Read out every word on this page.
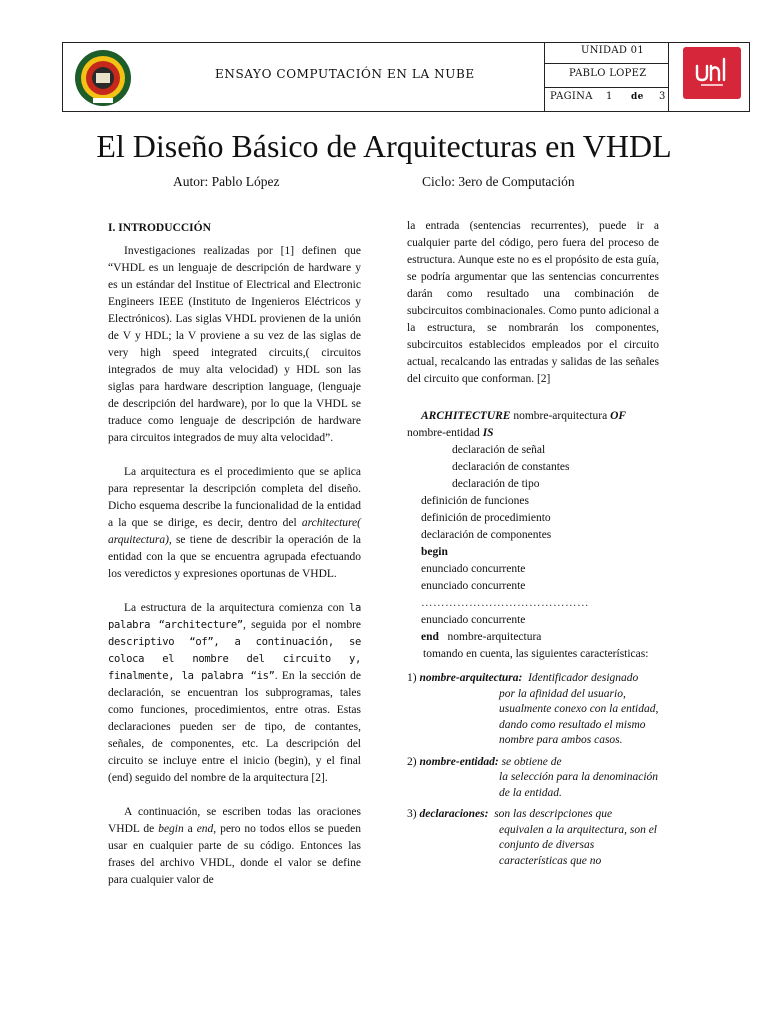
ENSAYO COMPUTACIÓN EN LA NUBE
UNIDAD 01
PABLO LOPEZ
PAGINA 1 de 3
El Diseño Básico de Arquitecturas en VHDL
Autor: Pablo López	Ciclo: 3ero de Computación

I. INTRODUCCIÓN

Investigaciones realizadas por [1] definen que “VHDL es un lenguaje de descripción de hardware y es un estándar del Institue of Electrical and Electronic Engineers IEEE (Instituto de Ingenieros Eléctricos y Electrónicos). Las siglas VHDL provienen de la unión de V y HDL; la V proviene a su vez de las siglas de very high speed integrated circuits,( circuitos integrados de muy alta velocidad) y HDL son las siglas para hardware description language, (lenguaje de descripción del hardware), por lo que la VHDL se traduce como lenguaje de descripción de hardware para circuitos integrados de muy alta velocidad”.

La arquitectura es el procedimiento que se aplica para representar la descripción completa del diseño. Dicho esquema describe la funcionalidad de la entidad a la que se dirige, es decir, dentro del architecture( arquitectura), se tiene de describir la operación de la entidad con la que se encuentra agrupada efectuando los veredictos y expresiones oportunas de VHDL.

La estructura de la arquitectura comienza con la palabra “architecture”, seguida por el nombre descriptivo “of”, a continuación, se coloca el nombre del circuito y, finalmente, la palabra “is”. En la sección de declaración, se encuentran los subprogramas, tales como funciones, procedimientos, entre otras. Estas declaraciones pueden ser de tipo, de contantes, señales, de componentes, etc. La descripción del circuito se incluye entre el inicio (begin), y el final (end) seguido del nombre de la arquitectura [2].

A continuación, se escriben todas las oraciones VHDL de begin a end, pero no todos ellos se pueden usar en cualquier parte de su código. Entonces las frases del archivo VHDL, donde el valor se define para cualquier valor de

la entrada (sentencias recurrentes), puede ir a cualquier parte del código, pero fuera del proceso de estructura. Aunque este no es el propósito de esta guía, se podría argumentar que las sentencias concurrentes darán como resultado una combinación de subcircuitos combinacionales. Como punto adicional a la estructura, se nombrarán los componentes, subcircuitos establecidos empleados por el circuito actual, recalcando las entradas y salidas de las señales del circuito que conforman. [2]

ARCHITECTURE nombre-arquitectura OF
nombre-entidad IS
declaración de señal
declaración de constantes
declaración de tipo
definición de funciones
definición de procedimiento
declaración de componentes
begin
enunciado concurrente
enunciado concurrente
……………………………………
enunciado concurrente
end nombre-arquitectura

tomando en cuenta, las siguientes características:

1) nombre-arquitectura: Identificador designado
por la afinidad del usuario, usualmente conexo con la entidad, dando como resultado el mismo nombre para ambos casos.
2) nombre-entidad: se obtiene de
la selección para la denominación de la entidad.
3) declaraciones: son las descripciones que
equivalen a la arquitectura, son el conjunto de diversas características que no
